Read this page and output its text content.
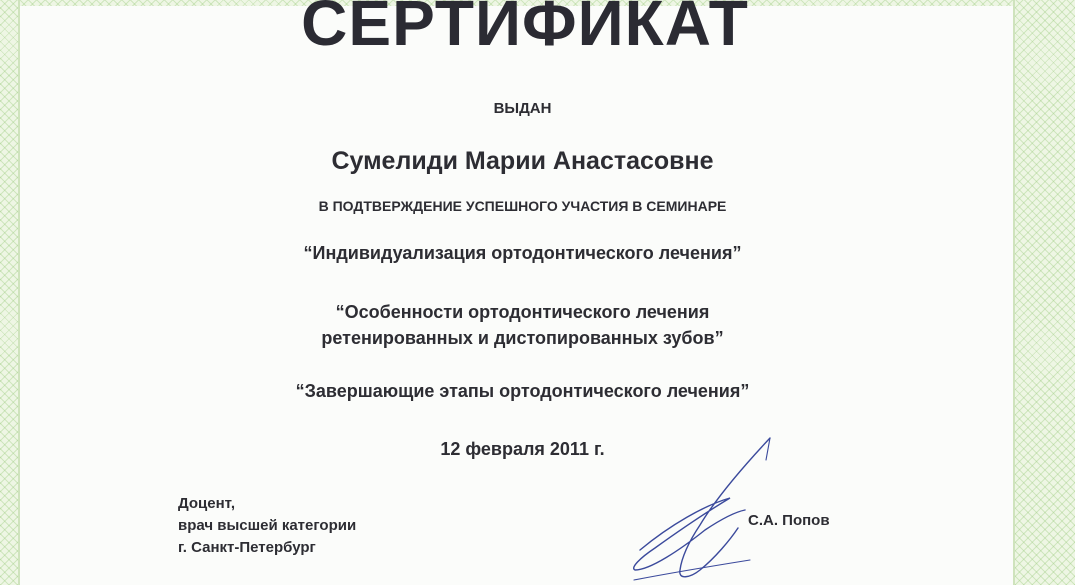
СЕРТИФИКАТ
ВЫДАН
Сумелиди Марии Анастасовне
В ПОДТВЕРЖДЕНИЕ УСПЕШНОГО УЧАСТИЯ В СЕМИНАРЕ
“Индивидуализация ортодонтического лечения”
“Особенности ортодонтического лечения
ретенированных и дистопированных зубов”
“Завершающие этапы ортодонтического лечения”
12 февраля 2011 г.
Доцент,
врач высшей категории
г. Санкт-Петербург
С.А. Попов
